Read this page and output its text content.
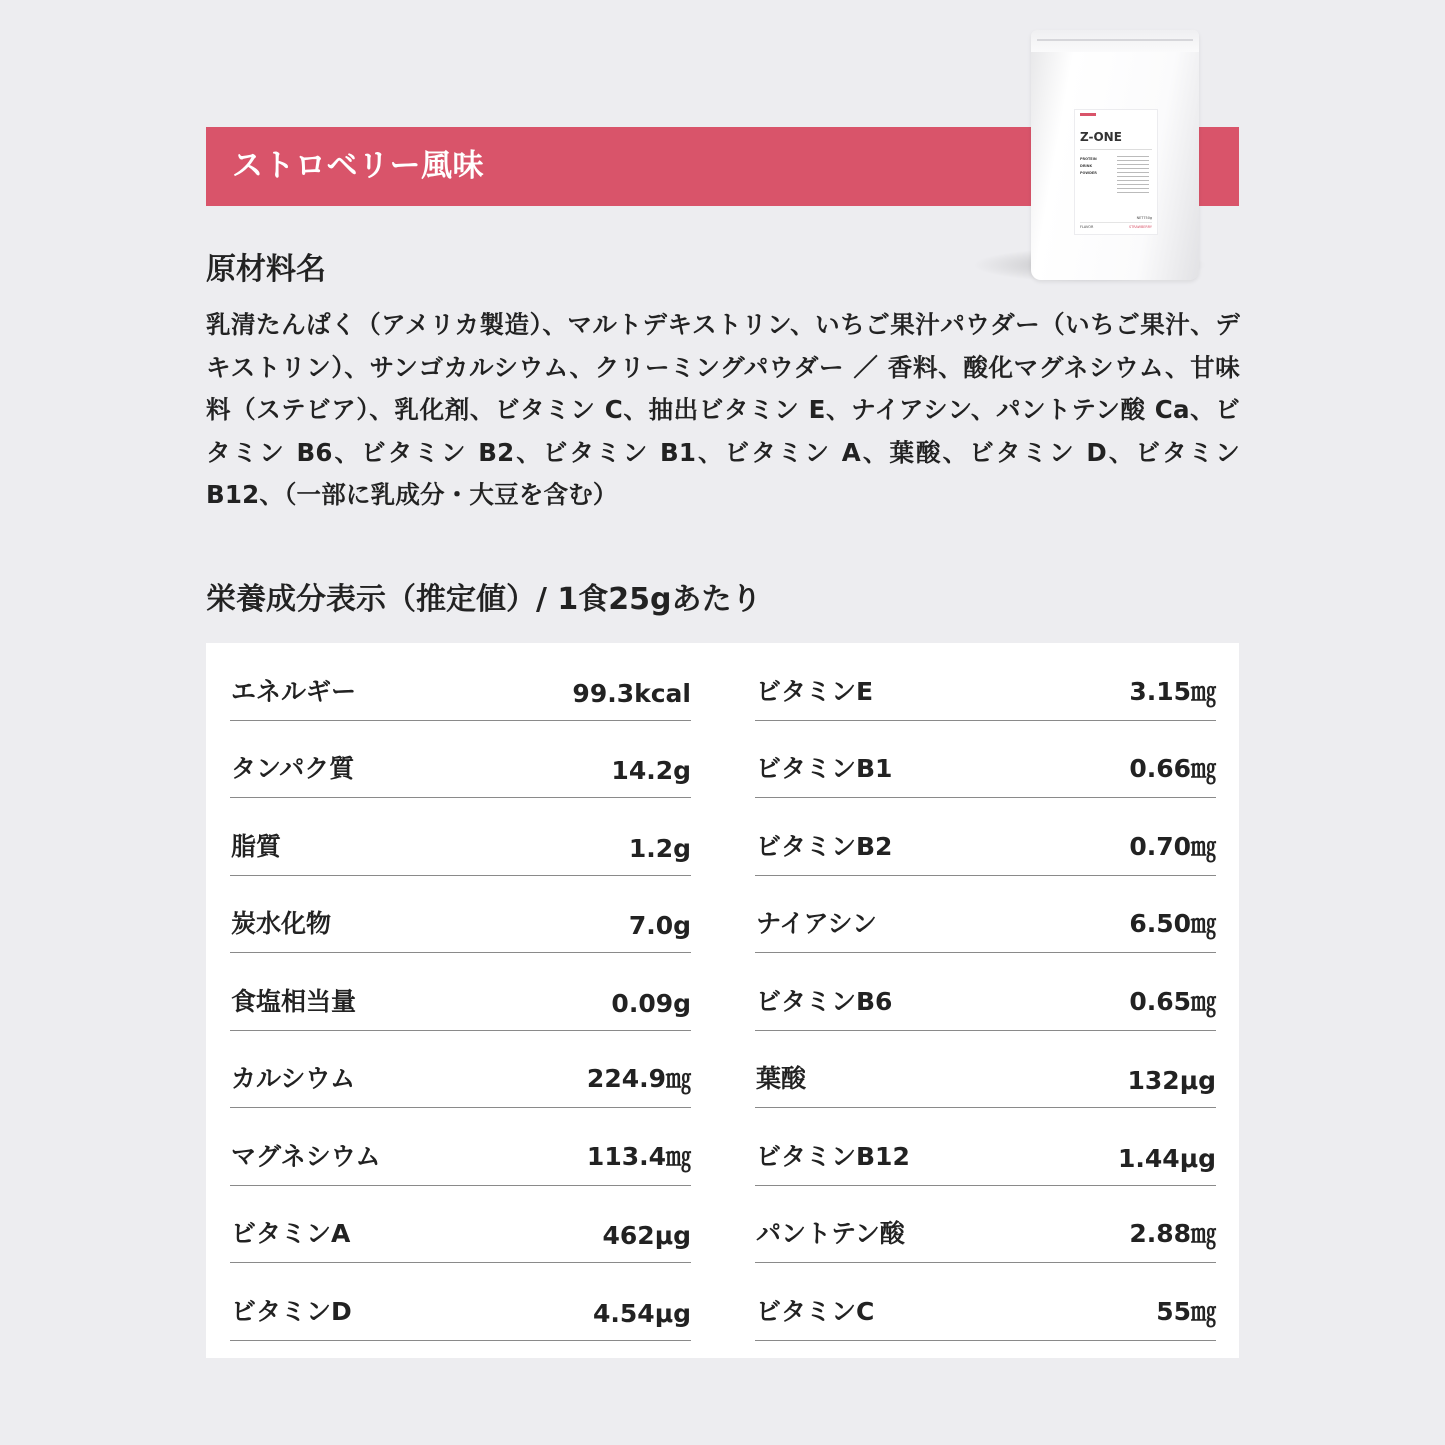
ストロベリー風味
Z-ONE
PROTEIN
DRINK
POWDER
NET750g
FLAVOR	STRAWBERRY
原材料名
乳清たんぱく（アメリカ製造）、マルトデキストリン、いちご果汁パウダー（いちご果汁、デキストリン）、サンゴカルシウム、クリーミングパウダー ／ 香料、酸化マグネシウム、甘味料（ステビア）、乳化剤、ビタミン C、抽出ビタミン E、ナイアシン、パントテン酸 Ca、ビタミン B6、ビタミン B2、ビタミン B1、ビタミン A、葉酸、ビタミン D、ビタミン B12、（一部に乳成分・大豆を含む）
栄養成分表示（推定値）/ 1食25gあたり
エネルギー	99.3kcal
タンパク質	14.2g
脂質	1.2g
炭水化物	7.0g
食塩相当量	0.09g
カルシウム	224.9㎎
マグネシウム	113.4㎎
ビタミンA	462μg
ビタミンD	4.54μg
ビタミンE	3.15㎎
ビタミンB1	0.66㎎
ビタミンB2	0.70㎎
ナイアシン	6.50㎎
ビタミンB6	0.65㎎
葉酸	132μg
ビタミンB12	1.44μg
パントテン酸	2.88㎎
ビタミンC	55㎎
